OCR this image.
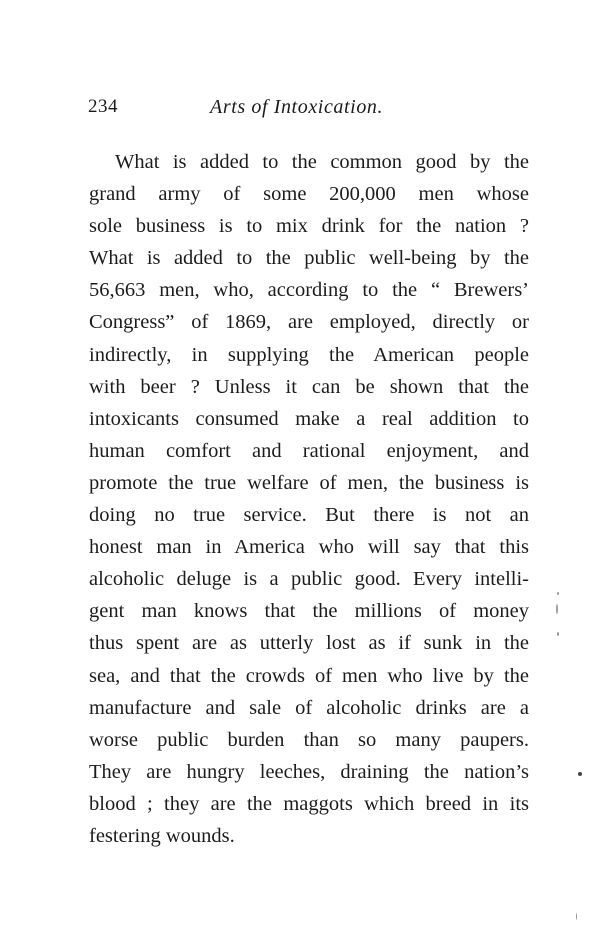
234	Arts of Intoxication.
What is added to the common good by the
grand army of some 200,000 men whose
sole business is to mix drink for the nation ?
What is added to the public well-being by the
56,663 men, who, according to the “ Brewers’
Congress” of 1869, are employed, directly or
indirectly, in supplying the American people
with beer ? Unless it can be shown that the
intoxicants consumed make a real addition to
human comfort and rational enjoyment, and
promote the true welfare of men, the business is
doing no true service. But there is not an
honest man in America who will say that this
alcoholic deluge is a public good. Every intelli-
gent man knows that the millions of money
thus spent are as utterly lost as if sunk in the
sea, and that the crowds of men who live by the
manufacture and sale of alcoholic drinks are a
worse public burden than so many paupers.
They are hungry leeches, draining the nation’s
blood ; they are the maggots which breed in its
festering wounds.
